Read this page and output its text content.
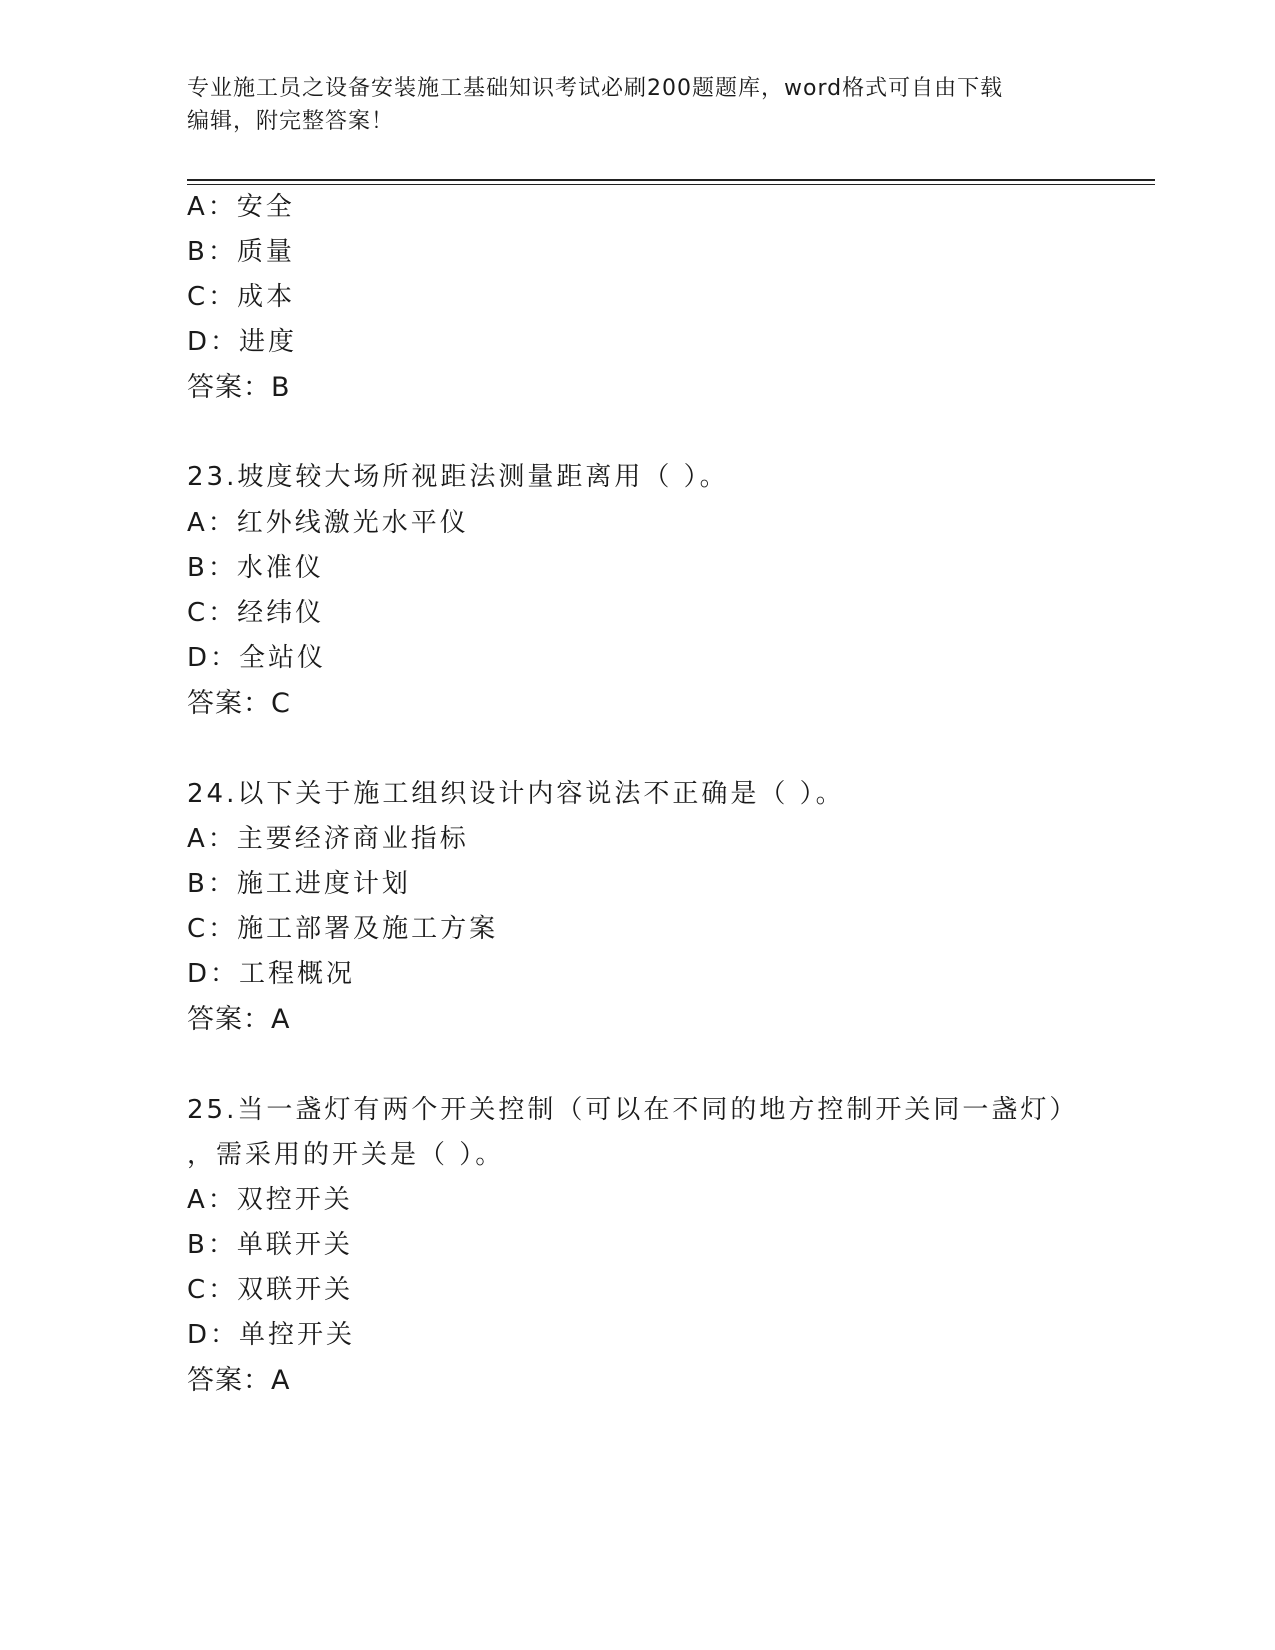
专业施工员之设备安装施工基础知识考试必刷200题题库，word格式可自由下载
编辑，附完整答案！
A：安全
B：质量
C：成本
D：进度
答案：B
23.坡度较大场所视距法测量距离用（ ）。
A：红外线激光水平仪
B：水准仪
C：经纬仪
D：全站仪
答案：C
24.以下关于施工组织设计内容说法不正确是（ ）。
A：主要经济商业指标
B：施工进度计划
C：施工部署及施工方案
D：工程概况
答案：A
25.当一盏灯有两个开关控制（可以在不同的地方控制开关同一盏灯）
，需采用的开关是（ ）。
A：双控开关
B：单联开关
C：双联开关
D：单控开关
答案：A
